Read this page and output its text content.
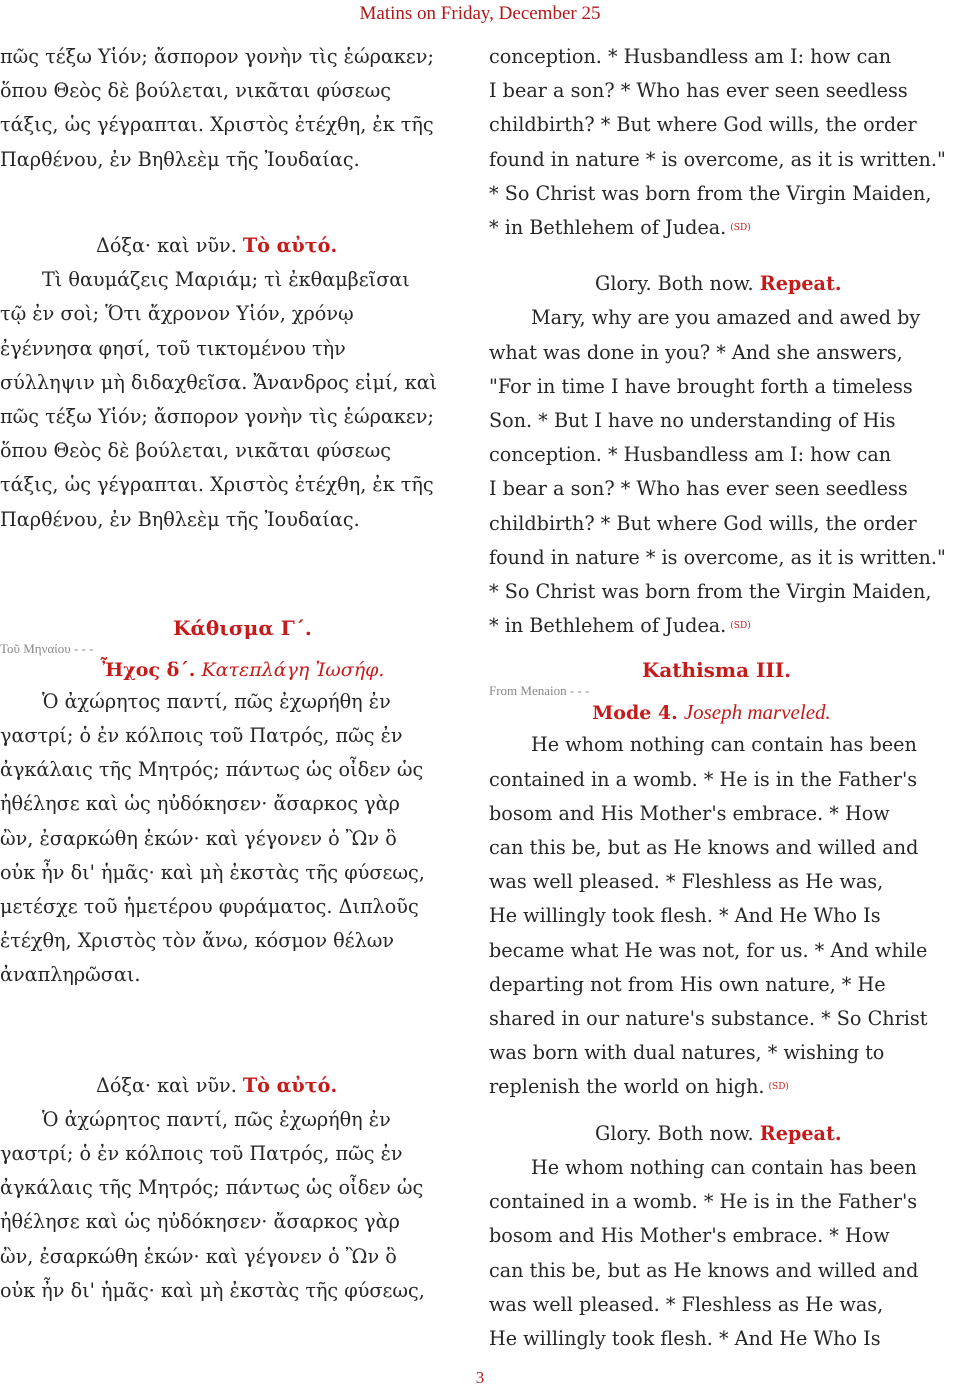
Matins on Friday, December 25

πῶς τέξω Υἱόν; ἄσπορον γονὴν τὶς ἑώρακεν;

ὅπου Θεὸς δὲ βούλεται, νικᾶται φύσεως

τάξις, ὡς γέγραπται. Χριστὸς ἐτέχθη, ἐκ τῆς

Παρθένου, ἐν Βηθλεὲμ τῆς Ἰουδαίας.

Δόξα· καὶ νῦν. Τὸ αὐτό.

Τὶ θαυμάζεις Μαριάμ; τὶ ἐκθαμβεῖσαι

τῷ ἐν σοὶ; Ὅτι ἄχρονον Υἱόν, χρόνῳ

ἐγέννησα φησί, τοῦ τικτομένου τὴν

σύλληψιν μὴ διδαχθεῖσα. Ἄνανδρος εἰμί, καὶ

πῶς τέξω Υἱόν; ἄσπορον γονὴν τὶς ἑώρακεν;

ὅπου Θεὸς δὲ βούλεται, νικᾶται φύσεως

τάξις, ὡς γέγραπται. Χριστὸς ἐτέχθη, ἐκ τῆς

Παρθένου, ἐν Βηθλεὲμ τῆς Ἰουδαίας.

Κάθισμα Γ΄.
Τοῦ Μηναίου - - -
Ἦχος δ΄. Κατεπλάγη Ἰωσήφ.

Ὁ ἀχώρητος παντί, πῶς ἐχωρήθη ἐν

γαστρί; ὁ ἐν κόλποις τοῦ Πατρός, πῶς ἐν

ἀγκάλαις τῆς Μητρός; πάντως ὡς οἶδεν ὡς

ἠθέλησε καὶ ὡς ηὐδόκησεν· ἄσαρκος γὰρ

ὢν, ἐσαρκώθη ἑκών· καὶ γέγονεν ὁ Ὢν ὃ

οὐκ ἦν δι' ἡμᾶς· καὶ μὴ ἐκστὰς τῆς φύσεως,

μετέσχε τοῦ ἡμετέρου φυράματος. Διπλοῦς

ἐτέχθη, Χριστὸς τὸν ἄνω, κόσμον θέλων

ἀναπληρῶσαι.

Δόξα· καὶ νῦν. Τὸ αὐτό.

Ὁ ἀχώρητος παντί, πῶς ἐχωρήθη ἐν

γαστρί; ὁ ἐν κόλποις τοῦ Πατρός, πῶς ἐν

ἀγκάλαις τῆς Μητρός; πάντως ὡς οἶδεν ὡς

ἠθέλησε καὶ ὡς ηὐδόκησεν· ἄσαρκος γὰρ

ὢν, ἐσαρκώθη ἑκών· καὶ γέγονεν ὁ Ὢν ὃ

οὐκ ἦν δι' ἡμᾶς· καὶ μὴ ἐκστὰς τῆς φύσεως,

conception. * Husbandless am I: how can

I bear a son? * Who has ever seen seedless

childbirth? * But where God wills, the order

found in nature * is overcome, as it is written."

* So Christ was born from the Virgin Maiden,

* in Bethlehem of Judea. $^{(SD)}$

Glory. Both now. Repeat.

Mary, why are you amazed and awed by

what was done in you? * And she answers,

"For in time I have brought forth a timeless

Son. * But I have no understanding of His

conception. * Husbandless am I: how can

I bear a son? * Who has ever seen seedless

childbirth? * But where God wills, the order

found in nature * is overcome, as it is written."

* So Christ was born from the Virgin Maiden,

* in Bethlehem of Judea. $^{(SD)}$

Kathisma III.
From Menaion - - -
Mode 4. Joseph marveled.

He whom nothing can contain has been

contained in a womb. * He is in the Father's

bosom and His Mother's embrace. * How

can this be, but as He knows and willed and

was well pleased. * Fleshless as He was,

He willingly took flesh. * And He Who Is

became what He was not, for us. * And while

departing not from His own nature, * He

shared in our nature's substance. * So Christ

was born with dual natures, * wishing to

replenish the world on high. $^{(SD)}$

Glory. Both now. Repeat.

He whom nothing can contain has been

contained in a womb. * He is in the Father's

bosom and His Mother's embrace. * How

can this be, but as He knows and willed and

was well pleased. * Fleshless as He was,

He willingly took flesh. * And He Who Is

3
